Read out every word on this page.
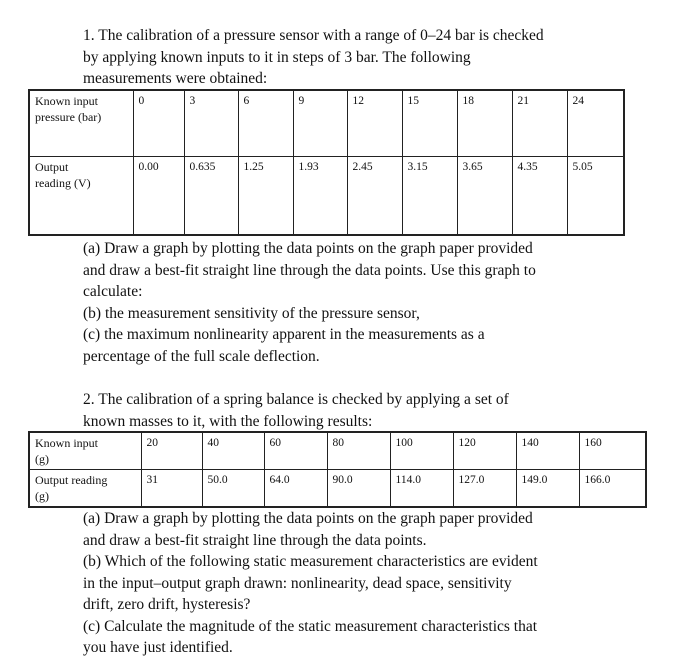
1. The calibration of a pressure sensor with a range of 0–24 bar is checked
by applying known inputs to it in steps of 3 bar. The following
measurements were obtained:
Known input
pressure (bar)	0	3	6	9	12	15	18	21	24
Output
reading (V)	0.00	0.635	1.25	1.93	2.45	3.15	3.65	4.35	5.05
(a) Draw a graph by plotting the data points on the graph paper provided
and draw a best-fit straight line through the data points. Use this graph to
calculate:
(b) the measurement sensitivity of the pressure sensor,
(c) the maximum nonlinearity apparent in the measurements as a
percentage of the full scale deflection.
2. The calibration of a spring balance is checked by applying a set of
known masses to it, with the following results:
Known input
(g)	20	40	60	80	100	120	140	160
Output reading
(g)	31	50.0	64.0	90.0	114.0	127.0	149.0	166.0
(a) Draw a graph by plotting the data points on the graph paper provided
and draw a best-fit straight line through the data points.
(b) Which of the following static measurement characteristics are evident
in the input–output graph drawn: nonlinearity, dead space, sensitivity
drift, zero drift, hysteresis?
(c) Calculate the magnitude of the static measurement characteristics that
you have just identified.
